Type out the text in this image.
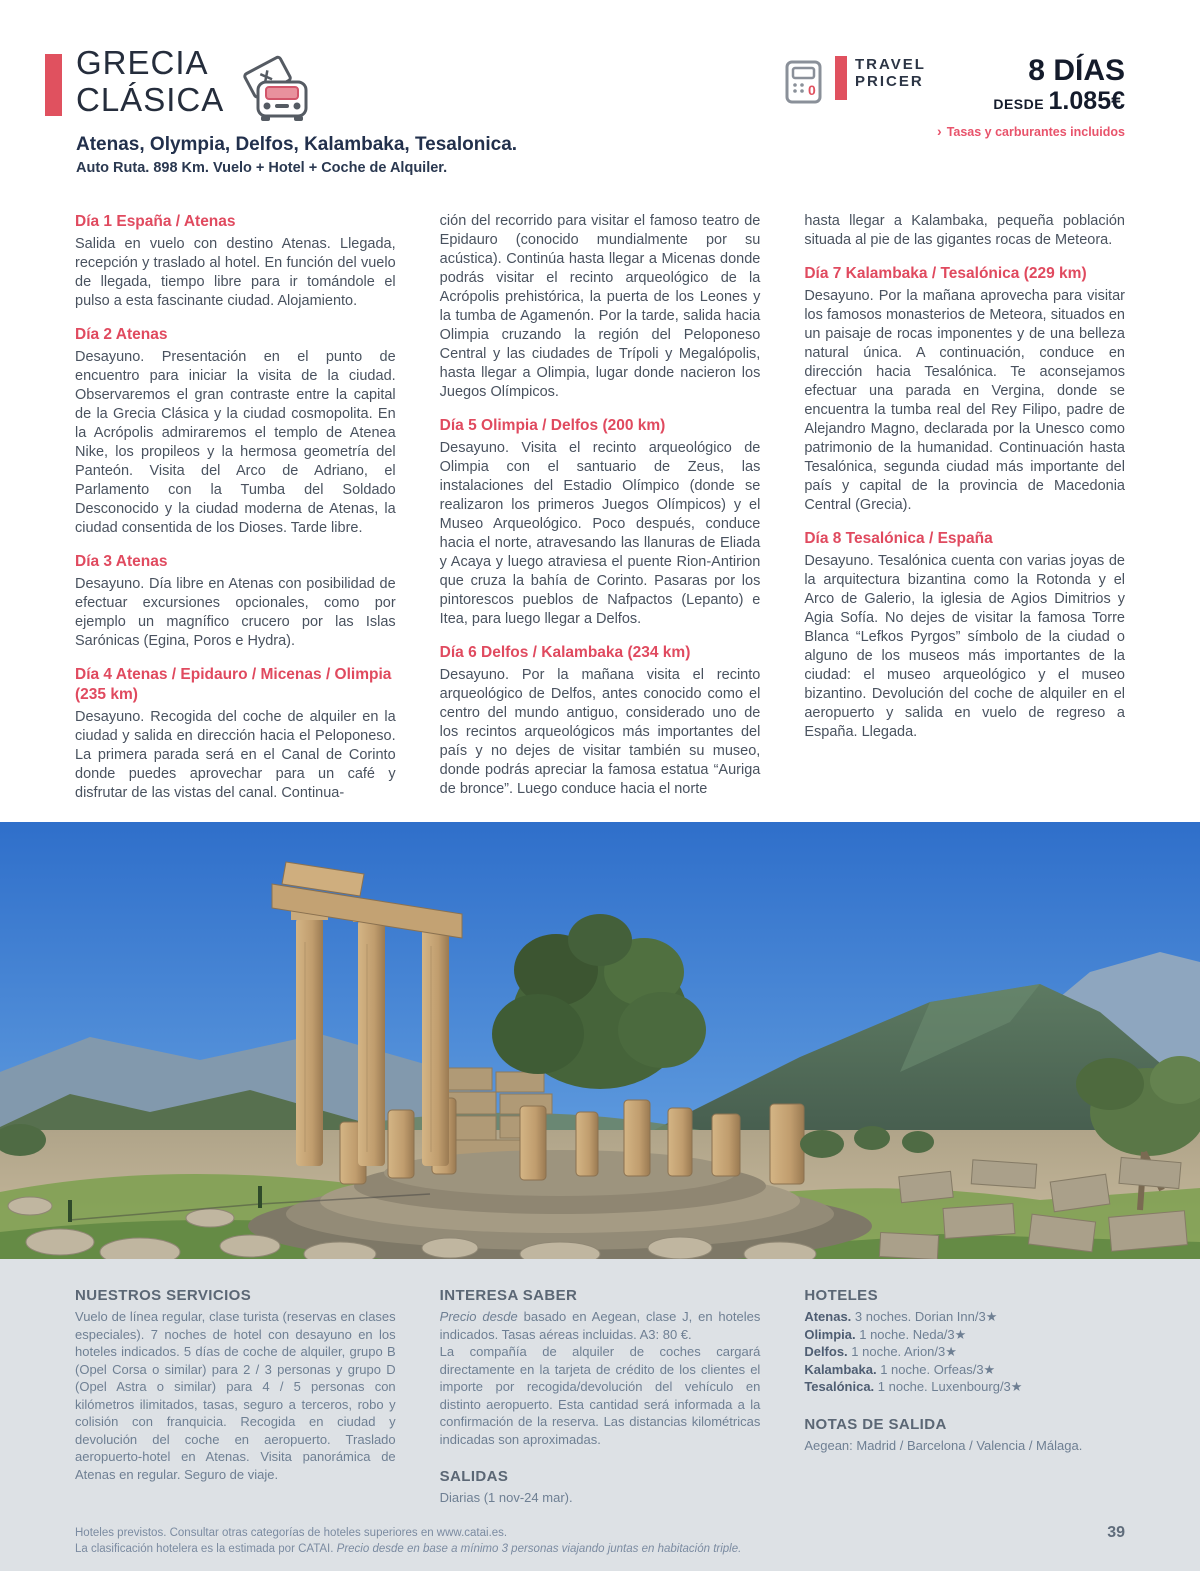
GRECIA
CLÁSICA	0
TRAVEL
PRICER	8 DÍAS
DESDE 1.085€
› Tasas y carburantes incluidos
Atenas, Olympia, Delfos, Kalambaka, Tesalonica.
Auto Ruta. 898 Km. Vuelo + Hotel + Coche de Alquiler.
Día 1 España / Atenas

Salida en vuelo con destino Atenas. Llegada, recepción y traslado al hotel. En función del vuelo de llegada, tiempo libre para ir tomándole el pulso a esta fascinante ciudad. Alojamiento.

Día 2 Atenas

Desayuno. Presentación en el punto de encuentro para iniciar la visita de la ciudad. Observaremos el gran contraste entre la capital de la Grecia Clásica y la ciudad cosmopolita. En la Acrópolis admiraremos el templo de Atenea Nike, los propileos y la hermosa geometría del Panteón. Visita del Arco de Adriano, el Parlamento con la Tumba del Soldado Desconocido y la ciudad moderna de Atenas, la ciudad consentida de los Dioses. Tarde libre.

Día 3 Atenas

Desayuno. Día libre en Atenas con posibilidad de efectuar excursiones opcionales, como por ejemplo un magnífico crucero por las Islas Sarónicas (Egina, Poros e Hydra).

Día 4 Atenas / Epidauro / Micenas / Olimpia (235 km)

Desayuno. Recogida del coche de alquiler en la ciudad y salida en dirección hacia el Peloponeso. La primera parada será en el Canal de Corinto donde puedes aprovechar para un café y disfrutar de las vistas del canal. Continua-

ción del recorrido para visitar el famoso teatro de Epidauro (conocido mundialmente por su acústica). Continúa hasta llegar a Micenas donde podrás visitar el recinto arqueológico de la Acrópolis prehistórica, la puerta de los Leones y la tumba de Agamenón. Por la tarde, salida hacia Olimpia cruzando la región del Peloponeso Central y las ciudades de Trípoli y Megalópolis, hasta llegar a Olimpia, lugar donde nacieron los Juegos Olímpicos.

Día 5 Olimpia / Delfos (200 km)

Desayuno. Visita el recinto arqueológico de Olimpia con el santuario de Zeus, las instalaciones del Estadio Olímpico (donde se realizaron los primeros Juegos Olímpicos) y el Museo Arqueológico. Poco después, conduce hacia el norte, atravesando las llanuras de Eliada y Acaya y luego atraviesa el puente Rion-Antirion que cruza la bahía de Corinto. Pasaras por los pintorescos pueblos de Nafpactos (Lepanto) e Itea, para luego llegar a Delfos.

Día 6 Delfos / Kalambaka (234 km)

Desayuno. Por la mañana visita el recinto arqueológico de Delfos, antes conocido como el centro del mundo antiguo, considerado uno de los recintos arqueológicos más importantes del país y no dejes de visitar también su museo, donde podrás apreciar la famosa estatua “Auriga de bronce”. Luego conduce hacia el norte

hasta llegar a Kalambaka, pequeña población situada al pie de las gigantes rocas de Meteora.

Día 7 Kalambaka / Tesalónica (229 km)

Desayuno. Por la mañana aprovecha para visitar los famosos monasterios de Meteora, situados en un paisaje de rocas imponentes y de una belleza natural única. A continuación, conduce en dirección hacia Tesalónica. Te aconsejamos efectuar una parada en Vergina, donde se encuentra la tumba real del Rey Filipo, padre de Alejandro Magno, declarada por la Unesco como patrimonio de la humanidad. Continuación hasta Tesalónica, segunda ciudad más importante del país y capital de la provincia de Macedonia Central (Grecia).

Día 8 Tesalónica / España

Desayuno. Tesalónica cuenta con varias joyas de la arquitectura bizantina como la Rotonda y el Arco de Galerio, la iglesia de Agios Dimitrios y Agia Sofía. No dejes de visitar la famosa Torre Blanca “Lefkos Pyrgos” símbolo de la ciudad o alguno de los museos más importantes de la ciudad: el museo arqueológico y el museo bizantino. Devolución del coche de alquiler en el aeropuerto y salida en vuelo de regreso a España. Llegada.

NUESTROS SERVICIOS

Vuelo de línea regular, clase turista (reservas en clases especiales). 7 noches de hotel con desayuno en los hoteles indicados. 5 días de coche de alquiler, grupo B (Opel Corsa o similar) para 2 / 3 personas y grupo D (Opel Astra o similar) para 4 / 5 personas con kilómetros ilimitados, tasas, seguro a terceros, robo y colisión con franquicia. Recogida en ciudad y devolución del coche en aeropuerto. Traslado aeropuerto-hotel en Atenas. Visita panorámica de Atenas en regular. Seguro de viaje.

INTERESA SABER

Precio desde basado en Aegean, clase J, en hoteles indicados. Tasas aéreas incluidas. A3: 80 €.

La compañía de alquiler de coches cargará directamente en la tarjeta de crédito de los clientes el importe por recogida/devolución del vehículo en distinto aeropuerto. Esta cantidad será informada a la confirmación de la reserva. Las distancias kilométricas indicadas son aproximadas.

SALIDAS

Diarias (1 nov-24 mar).

HOTELES

Atenas. 3 noches. Dorian Inn/3★

Olimpia. 1 noche. Neda/3★

Delfos. 1 noche. Arion/3★

Kalambaka. 1 noche. Orfeas/3★

Tesalónica. 1 noche. Luxenbourg/3★

NOTAS DE SALIDA

Aegean: Madrid / Barcelona / Valencia / Málaga.

Hoteles previstos. Consultar otras categorías de hoteles superiores en www.catai.es.
La clasificación hotelera es la estimada por CATAI. Precio desde en base a mínimo 3 personas viajando juntas en habitación triple.
39
